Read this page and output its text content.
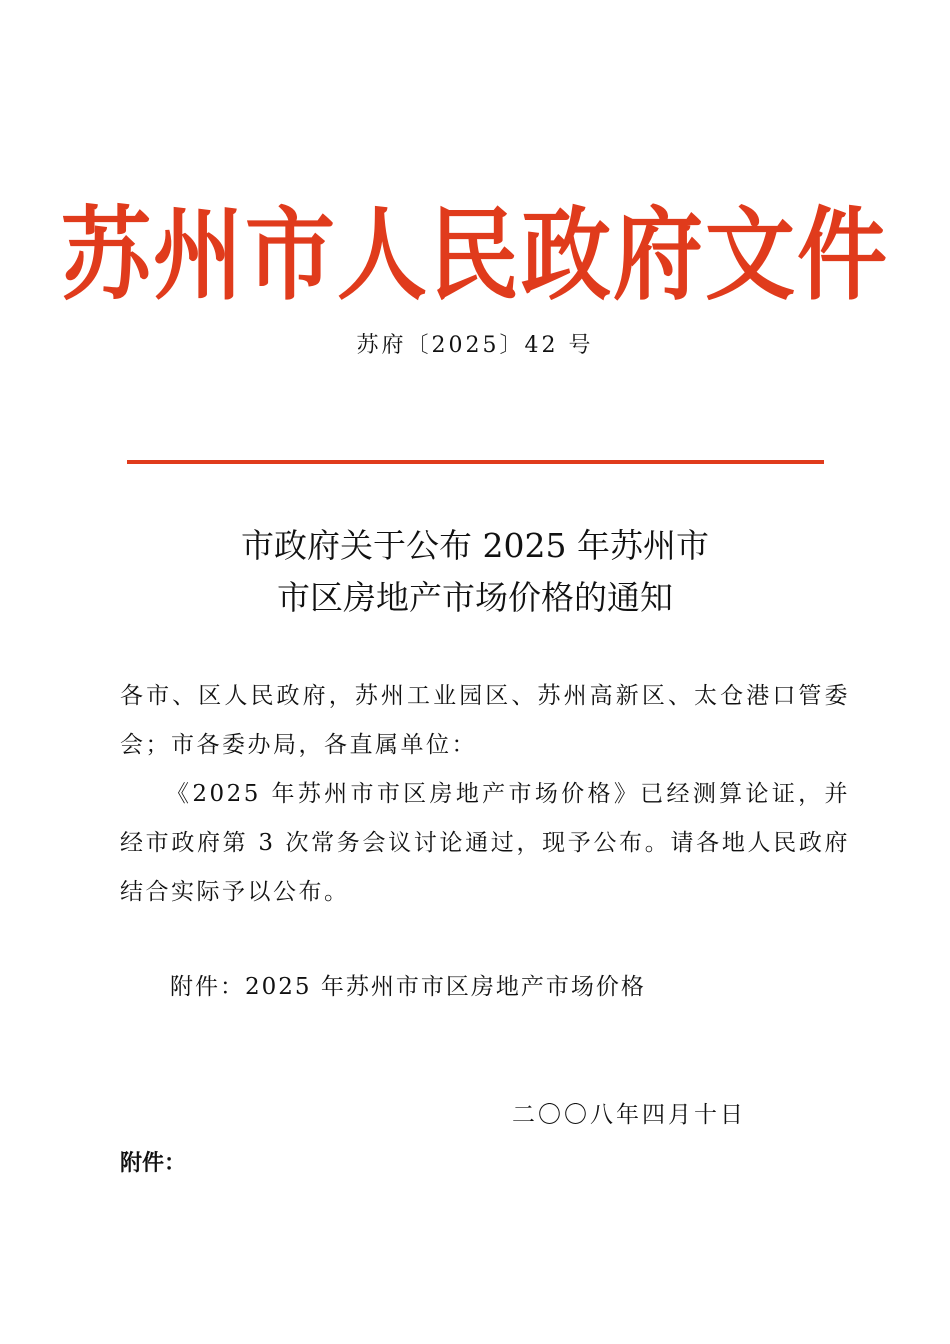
苏州市人民政府文件
苏府〔2025〕42 号
市政府关于公布 2025 年苏州市
市区房地产市场价格的通知

各市、区人民政府，苏州工业园区、苏州高新区、太仓港口管委会；市各委办局，各直属单位：

《2025 年苏州市市区房地产市场价格》已经测算论证，并经市政府第 3 次常务会议讨论通过，现予公布。请各地人民政府结合实际予以公布。

附件：2025 年苏州市市区房地产市场价格
二〇〇八年四月十日
附件：
